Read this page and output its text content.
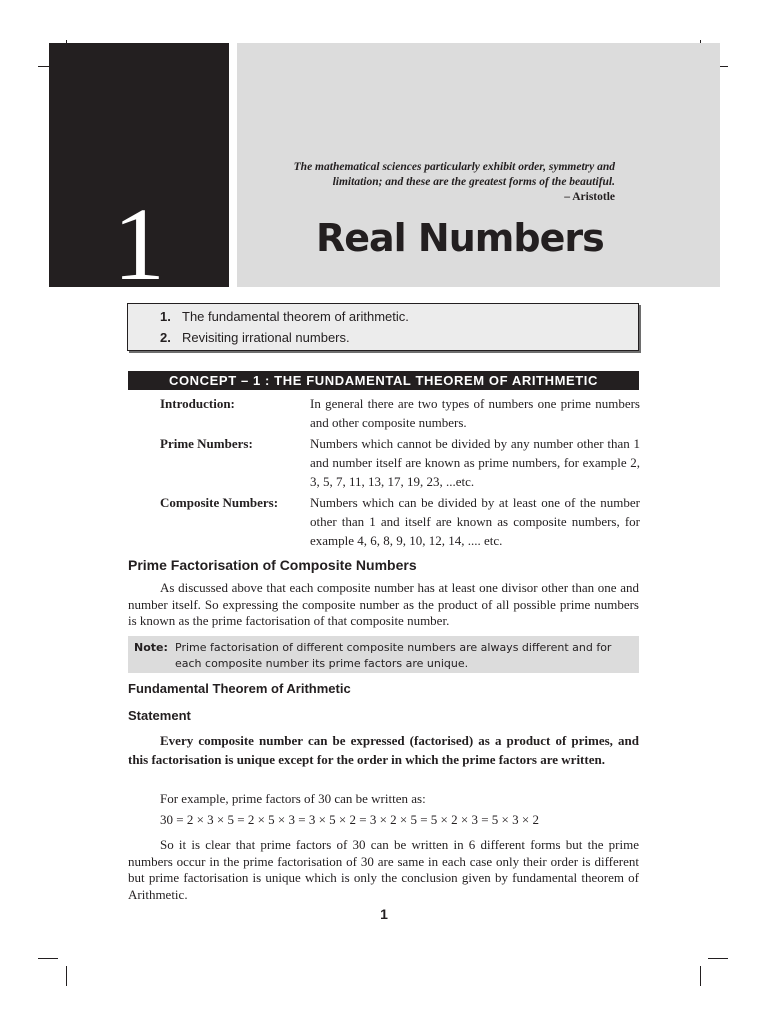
1
The mathematical sciences particularly exhibit order, symmetry and
limitation; and these are the greatest forms of the beautiful.
– Aristotle
Real Numbers
1. The fundamental theorem of arithmetic.
2. Revisiting irrational numbers.
CONCEPT – 1 : THE FUNDAMENTAL THEOREM OF ARITHMETIC
Introduction:	In general there are two types of numbers one prime numbers and other composite numbers.
Prime Numbers:	Numbers which cannot be divided by any number other than 1 and number itself are known as prime numbers, for example 2, 3, 5, 7, 11, 13, 17, 19, 23, ...etc.
Composite Numbers: Numbers which can be divided by at least one of the number other than 1 and itself are known as composite numbers, for example 4, 6, 8, 9, 10, 12, 14, .... etc.
Prime Factorisation of Composite Numbers
As discussed above that each composite number has at least one divisor other than one and number itself. So expressing the composite number as the product of all possible prime numbers is known as the prime factorisation of that composite number.
Note: Prime factorisation of different composite numbers are always different and for each composite number its prime factors are unique.
Fundamental Theorem of Arithmetic
Statement
Every composite number can be expressed (factorised) as a product of primes, and this factorisation is unique except for the order in which the prime factors are written.
For example, prime factors of 30 can be written as:
30 = 2 × 3 × 5 = 2 × 5 × 3 = 3 × 5 × 2 = 3 × 2 × 5 = 5 × 2 × 3 = 5 × 3 × 2
So it is clear that prime factors of 30 can be written in 6 different forms but the prime numbers occur in the prime factorisation of 30 are same in each case only their order is different but prime factorisation is unique which is only the conclusion given by fundamental theorem of Arithmetic.
1
